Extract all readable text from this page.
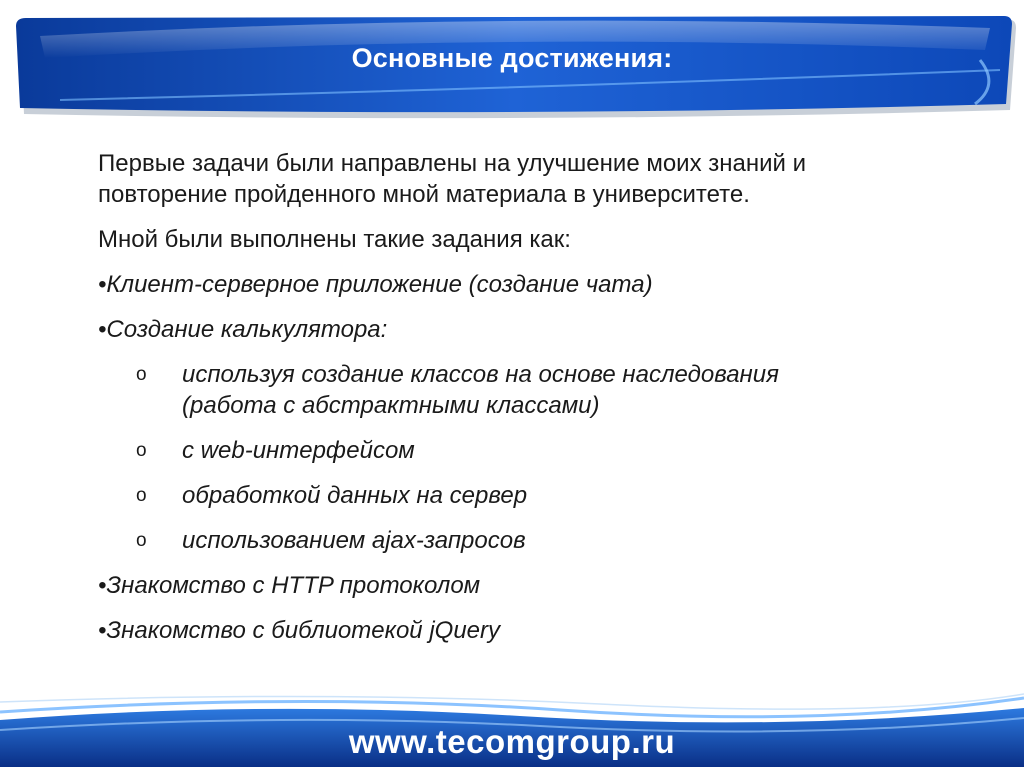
Основные достижения:

Первые задачи были направлены на улучшение моих знаний и
повторение пройденного мной материала в университете.

Мной были выполнены такие задания как:

•Клиент-серверное приложение (создание чата)

•Создание калькулятора:

o используя создание классов на основе наследования
(работа с абстрактными классами)
o с web-интерфейсом
o обработкой данных на сервер
o использованием ajax-запросов

•Знакомство с HTTP протоколом

•Знакомство с библиотекой jQuery

www.tecomgroup.ru
